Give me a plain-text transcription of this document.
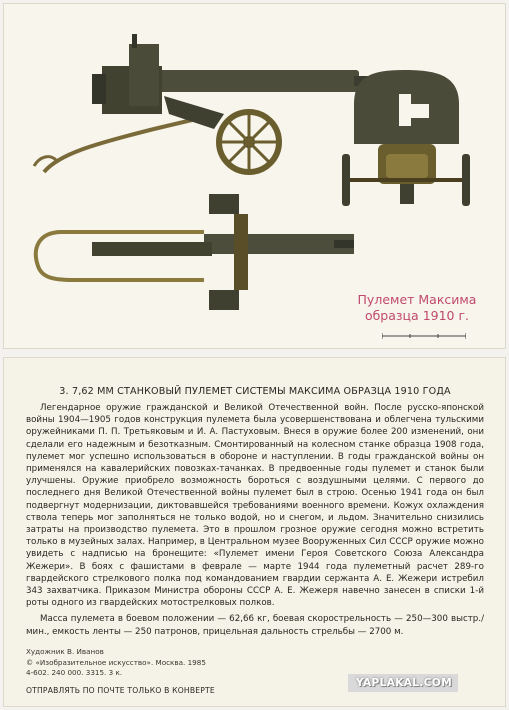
Пулемет Максима
образца 1910 г.
3. 7,62 ММ СТАНКОВЫЙ ПУЛЕМЕТ СИСТЕМЫ МАКСИМА ОБРАЗЦА 1910 ГОДА

Легендарное оружие гражданской и Великой Отечественной войн. После русско-японской войны 1904—1905 годов конструкция пулемета была усовершенствована и облегчена тульскими оружейниками П. П. Третьяковым и И. А. Пастуховым. Внеся в оружие более 200 изменений, они сделали его надежным и безотказным. Смонтированный на колесном станке образца 1908 года, пулемет мог успешно использоваться в обороне и наступлении. В годы гражданской войны он применялся на кавалерийских повозках-тачанках. В предвоенные годы пулемет и станок были улучшены. Оружие приобрело возможность бороться с воздушными целями. С первого до последнего дня Великой Отечественной войны пулемет был в строю. Осенью 1941 года он был подвергнут модернизации, диктовавшейся требованиями военного времени. Кожух охлаждения ствола теперь мог заполняться не только водой, но и снегом, и льдом. Значительно снизились затраты на производство пулемета. Это в прошлом грозное оружие сегодня можно встретить только в музейных залах. Например, в Центральном музее Вооруженных Сил СССР оружие можно увидеть с надписью на бронещите: «Пулемет имени Героя Советского Союза Александра Жежери». В боях с фашистами в феврале — марте 1944 года пулеметный расчет 289-го гвардейского стрелкового полка под командованием гвардии сержанта А. Е. Жежери истребил 343 захватчика. Приказом Министра обороны СССР А. Е. Жежеря навечно занесен в списки 1-й роты одного из гвардейских мотострелковых полков.

Масса пулемета в боевом положении — 62,66 кг, боевая скорострельность — 250—300 выстр./мин., емкость ленты — 250 патронов, прицельная дальность стрельбы — 2700 м.

Художник В. Иванов
© «Изобразительное искусство». Москва. 1985
4-602. 240 000. 3315. 3 к.
ОТПРАВЛЯТЬ ПО ПОЧТЕ ТОЛЬКО В КОНВЕРТЕ
YAPLAKAL.COM
